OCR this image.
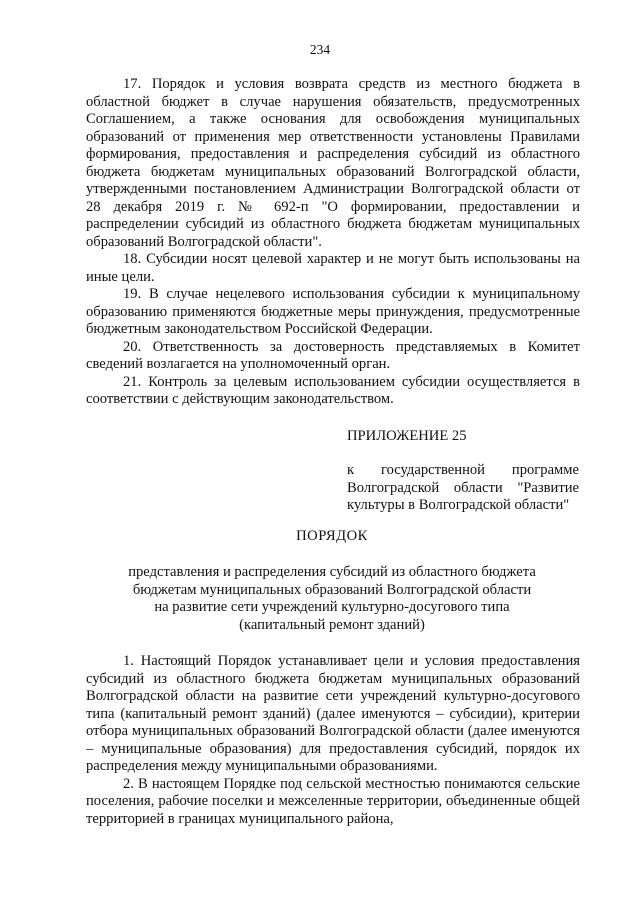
234

17. Порядок и условия возврата средств из местного бюджета в областной бюджет в случае нарушения обязательств, предусмотренных Соглашением, а также основания для освобождения муниципальных образований от применения мер ответственности установлены Правилами формирования, предоставления и распределения субсидий из областного бюджета бюджетам муниципальных образований Волгоградской области, утвержденными постановлением Администрации Волгоградской области от 28 декабря 2019 г. № 692-п "О формировании, предоставлении и распределении субсидий из областного бюджета бюджетам муниципальных образований Волгоградской области".

18. Субсидии носят целевой характер и не могут быть использованы на иные цели.

19. В случае нецелевого использования субсидии к муниципальному образованию применяются бюджетные меры принуждения, предусмотренные бюджетным законодательством Российской Федерации.

20. Ответственность за достоверность представляемых в Комитет сведений возлагается на уполномоченный орган.

21. Контроль за целевым использованием субсидии осуществляется в соответствии с действующим законодательством.

ПРИЛОЖЕНИЕ 25
к государственной программе Волгоградской области "Развитие культуры в Волгоградской области"
ПОРЯДОК
представления и распределения субсидий из областного бюджета
бюджетам муниципальных образований Волгоградской области
на развитие сети учреждений культурно-досугового типа
(капитальный ремонт зданий)

1. Настоящий Порядок устанавливает цели и условия предоставления субсидий из областного бюджета бюджетам муниципальных образований Волгоградской области на развитие сети учреждений культурно-досугового типа (капитальный ремонт зданий) (далее именуются – субсидии), критерии отбора муниципальных образований Волгоградской области (далее именуются – муниципальные образования) для предоставления субсидий, порядок их распределения между муниципальными образованиями.

2. В настоящем Порядке под сельской местностью понимаются сельские поселения, рабочие поселки и межселенные территории, объединенные общей территорией в границах муниципального района,
